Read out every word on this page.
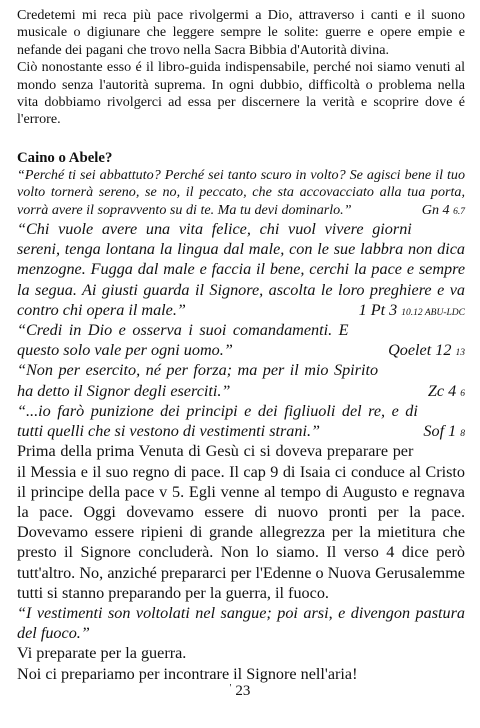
Credetemi mi reca più pace rivolgermi a Dio, attraverso i canti e il suono musicale o digiunare che leggere sempre le solite: guerre e opere empie e nefande dei pagani che trovo nella Sacra Bibbia d'Autorità divina.

Ciò nonostante esso é il libro-guida indispensabile, perché noi siamo venuti al mondo senza l'autorità suprema. In ogni dubbio, difficoltà o problema nella vita dobbiamo rivolgerci ad essa per discernere la verità e scoprire dove é l'errore.

Caino o Abele?

“Perché ti sei abbattuto? Perché sei tanto scuro in volto? Se agisci bene il tuo volto tornerà sereno, se no, il peccato, che sta accovacciato alla tua porta, vorrà avere il sopravvento su di te. Ma tu devi dominarlo.”	Gn 4 6.7

“Chi vuole avere una vita felice, chi vuol vivere giorni sereni, tenga lontana la lingua dal male, con le sue labbra non dica menzogne. Fugga dal male e faccia il bene, cerchi la pace e sempre la segua. Ai giusti guarda il Signore, ascolta le loro preghiere e va contro chi opera il male.”	1 Pt 3 10.12 ABU-LDC

“Credi in Dio e osserva i suoi comandamenti. E questo solo vale per ogni uomo.”	Qoelet 12 13

“Non per esercito, né per forza; ma per il mio Spirito ha detto il Signor degli eserciti.”	Zc 4 6

“...io farò punizione dei principi e dei figliuoli del re, e di tutti quelli che si vestono di vestimenti strani.”	Sof 1 8

Prima della prima Venuta di Gesù ci si doveva preparare per il Messia e il suo regno di pace. Il cap 9 di Isaia ci conduce al Cristo il principe della pace v 5. Egli venne al tempo di Augusto e regnava la pace. Oggi dovevamo essere di nuovo pronti per la pace. Dovevamo essere ripieni di grande allegrezza per la mietitura che presto il Signore concluderà. Non lo siamo. Il verso 4 dice però tutt'altro. No, anziché prepararci per l'Edenne o Nuova Gerusalemme tutti si stanno preparando per la guerra, il fuoco.

“I vestimenti son voltolati nel sangue; poi arsi, e divengon pastura del fuoco.”

Vi preparate per la guerra.

Noi ci prepariamo per incontrare il Signore nell'aria!

' 23
